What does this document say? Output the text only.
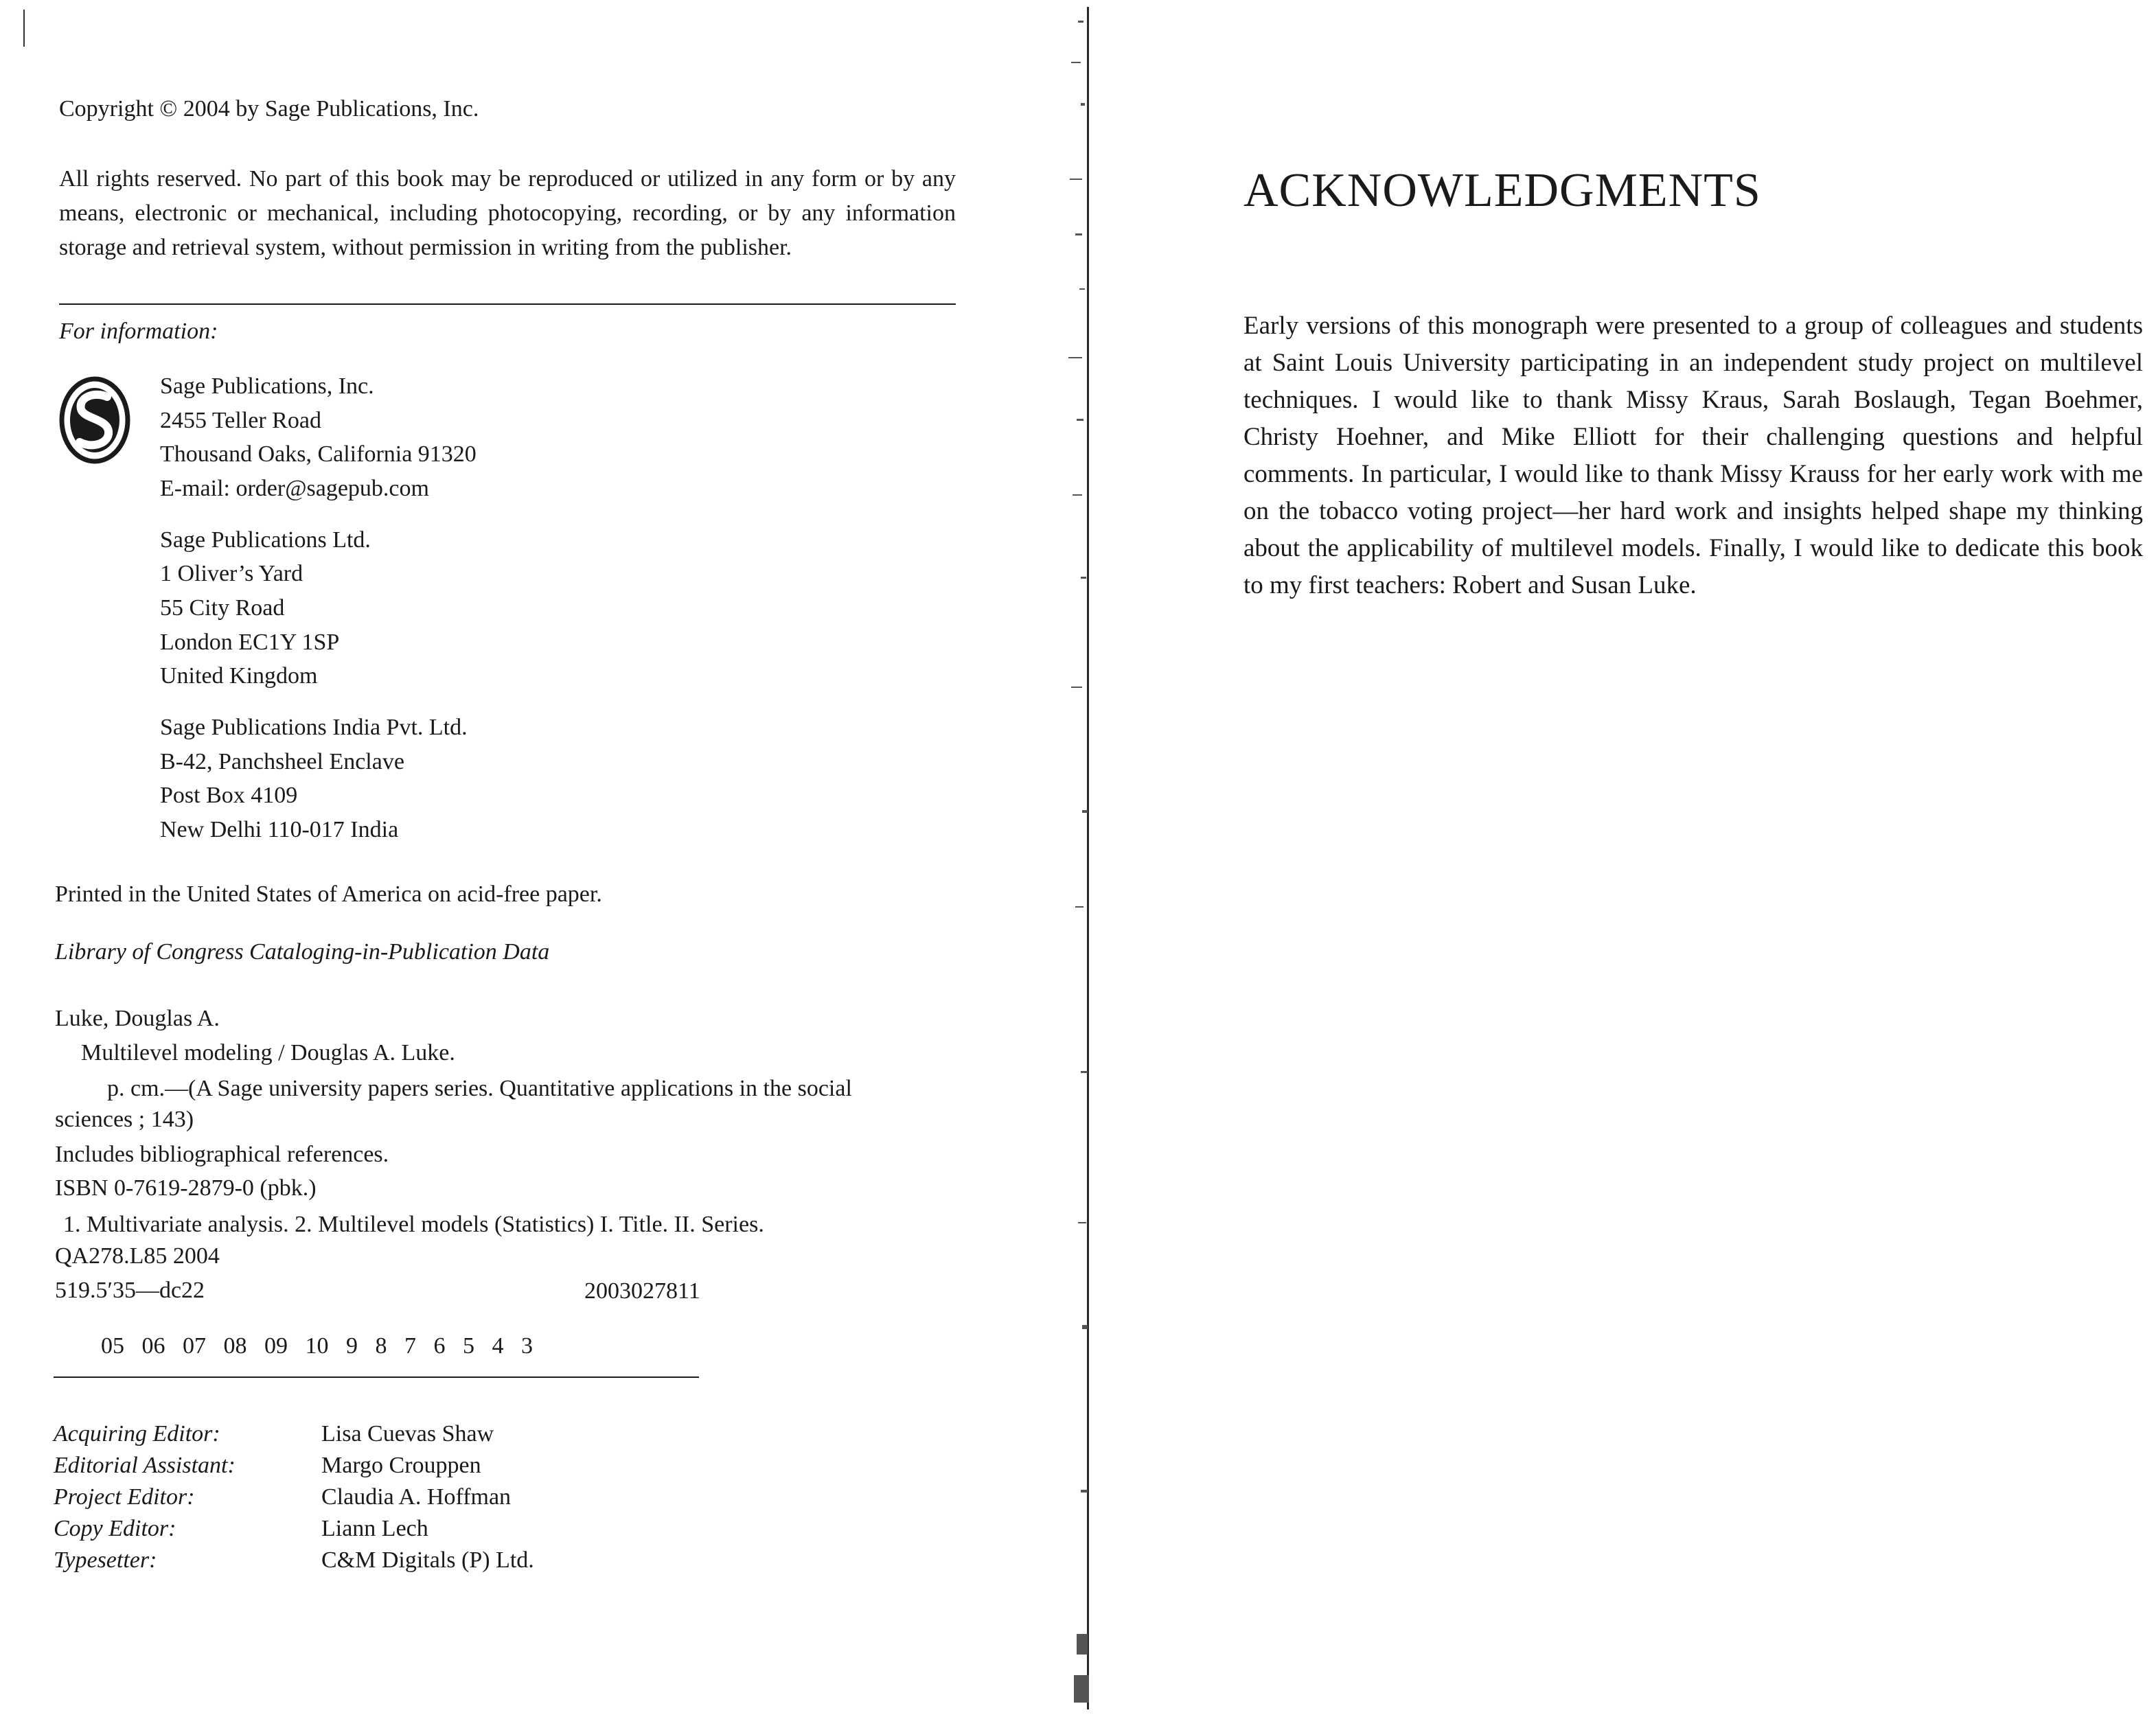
Copyright © 2004 by Sage Publications, Inc.
All rights reserved. No part of this book may be reproduced or utilized in any form or by any means, electronic or mechanical, including photocopying, recording, or by any information storage and retrieval system, without permission in writing from the publisher.
For information:
Sage Publications, Inc.
2455 Teller Road
Thousand Oaks, California 91320
E-mail: order@sagepub.com
Sage Publications Ltd.
1 Oliver’s Yard
55 City Road
London EC1Y 1SP
United Kingdom
Sage Publications India Pvt. Ltd.
B-42, Panchsheel Enclave
Post Box 4109
New Delhi 110-017 India
Printed in the United States of America on acid-free paper.
Library of Congress Cataloging-in-Publication Data
Luke, Douglas A.
Multilevel modeling / Douglas A. Luke.
p. cm.—(A Sage university papers series. Quantitative applications in the social
sciences ; 143)
Includes bibliographical references.
ISBN 0-7619-2879-0 (pbk.)
1. Multivariate analysis. 2. Multilevel models (Statistics) I. Title. II. Series.
QA278.L85 2004
519.5′35—dc22	2003027811
05   06   07   08   09   10   9   8   7   6   5   4   3
Acquiring Editor:	Lisa Cuevas Shaw
Editorial Assistant:	Margo Crouppen
Project Editor:	Claudia A. Hoffman
Copy Editor:	Liann Lech
Typesetter:	C&M Digitals (P) Ltd.
ACKNOWLEDGMENTS
Early versions of this monograph were presented to a group of colleagues and students at Saint Louis University participating in an independent study project on multilevel techniques. I would like to thank Missy Kraus, Sarah Boslaugh, Tegan Boehmer, Christy Hoehner, and Mike Elliott for their challenging questions and helpful comments. In particular, I would like to thank Missy Krauss for her early work with me on the tobacco voting project—her hard work and insights helped shape my thinking about the applicability of multilevel models. Finally, I would like to dedicate this book to my first teachers: Robert and Susan Luke.
